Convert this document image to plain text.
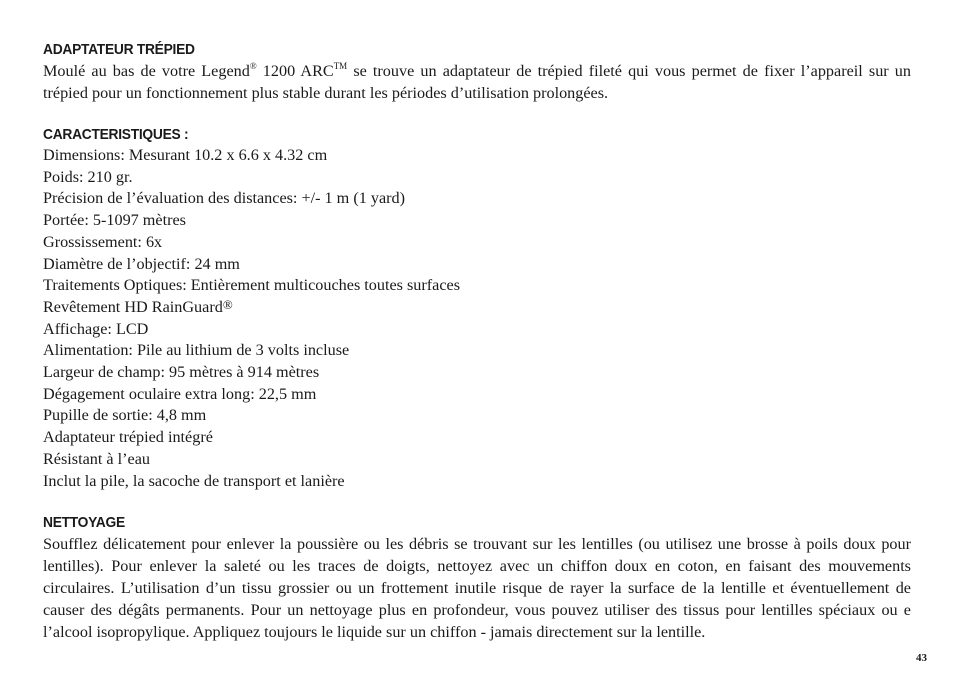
ADAPTATEUR TRÉPIED

Moulé au bas de votre Legend® 1200 ARC™ se trouve un adaptateur de trépied fileté qui vous permet de fixer l’appareil sur un trépied pour un fonctionnement plus stable durant les périodes d’utilisation prolongées.

CARACTERISTIQUES :
Dimensions: Mesurant 10.2 x 6.6 x 4.32 cm
Poids: 210 gr.
Précision de l’évaluation des distances: +/- 1 m (1 yard)
Portée: 5-1097 mètres
Grossissement: 6x
Diamètre de l’objectif: 24 mm
Traitements Optiques: Entièrement multicouches toutes surfaces
Revêtement HD RainGuard®
Affichage: LCD
Alimentation: Pile au lithium de 3 volts incluse
Largeur de champ: 95 mètres à 914 mètres
Dégagement oculaire extra long: 22,5 mm
Pupille de sortie: 4,8 mm
Adaptateur trépied intégré
Résistant à l’eau
Inclut la pile, la sacoche de transport et lanière
NETTOYAGE

Soufflez délicatement pour enlever la poussière ou les débris se trouvant sur les lentilles (ou utilisez une brosse à poils doux pour lentilles). Pour enlever la saleté ou les traces de doigts, nettoyez avec un chiffon doux en coton, en faisant des mouvements circulaires. L’utilisation d’un tissu grossier ou un frottement inutile risque de rayer la surface de la lentille et éventuellement de causer des dégâts permanents. Pour un nettoyage plus en profondeur, vous pouvez utiliser des tissus pour lentilles spéciaux ou e l’alcool isopropylique. Appliquez toujours le liquide sur un chiffon - jamais directement sur la lentille.

43
